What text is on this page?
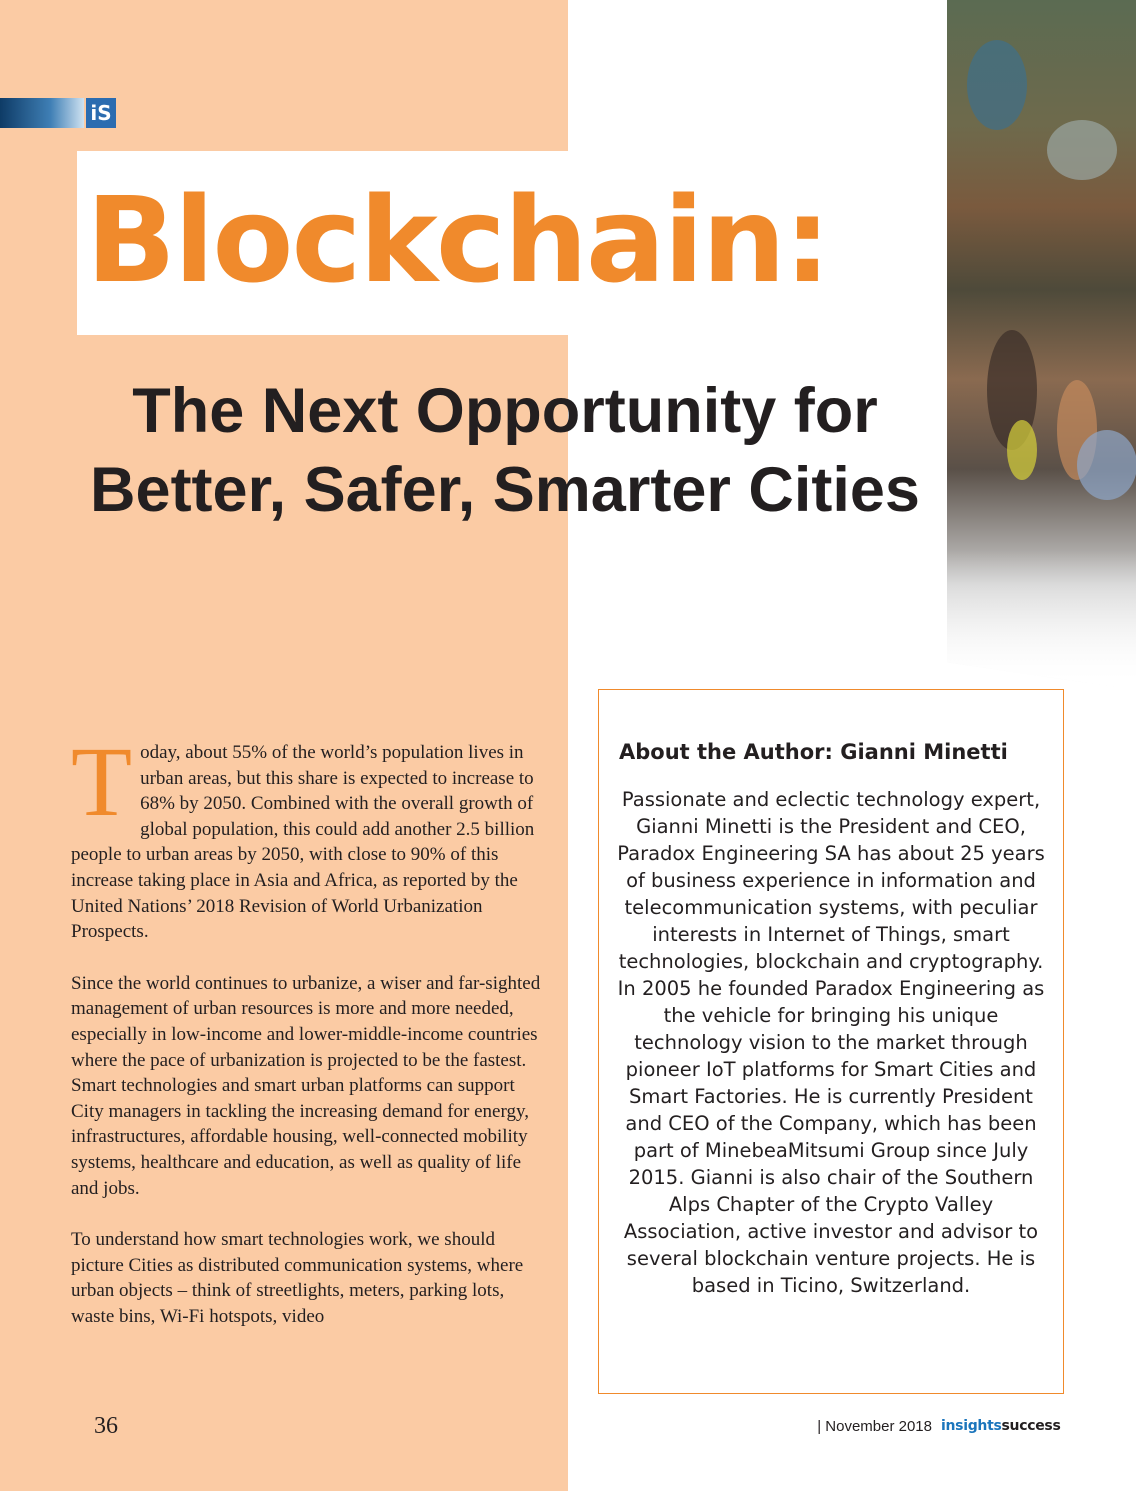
iS
Blockchain:
The Next Opportunity for
Better, Safer, Smarter Cities

Today, about 55% of the world’s population lives in urban areas, but this share is expected to increase to 68% by 2050. Combined with the overall growth of global population, this could add another 2.5 billion people to urban areas by 2050, with close to 90% of this increase taking place in Asia and Africa, as reported by the United Nations’ 2018 Revision of World Urbanization Prospects.

Since the world continues to urbanize, a wiser and far-sighted management of urban resources is more and more needed, especially in low-income and lower-middle-income countries where the pace of urbanization is projected to be the fastest. Smart technologies and smart urban platforms can support City managers in tackling the increasing demand for energy, infrastructures, affordable housing, well-connected mobility systems, healthcare and education, as well as quality of life and jobs.

To understand how smart technologies work, we should picture Cities as distributed communication systems, where urban objects – think of streetlights, meters, parking lots, waste bins, Wi-Fi hotspots, video

About the Author: Gianni Minetti

Passionate and eclectic technology expert, Gianni Minetti is the President and CEO, Paradox Engineering SA has about 25 years of business experience in information and telecommunication systems, with peculiar interests in Internet of Things, smart technologies, blockchain and cryptography. In 2005 he founded Paradox Engineering as the vehicle for bringing his unique technology vision to the market through pioneer IoT platforms for Smart Cities and Smart Factories. He is currently President and CEO of the Company, which has been part of MinebeaMitsumi Group since July 2015. Gianni is also chair of the Southern Alps Chapter of the Crypto Valley Association, active investor and advisor to several blockchain venture projects. He is based in Ticino, Switzerland.

36	| November 2018 insightssuccess
